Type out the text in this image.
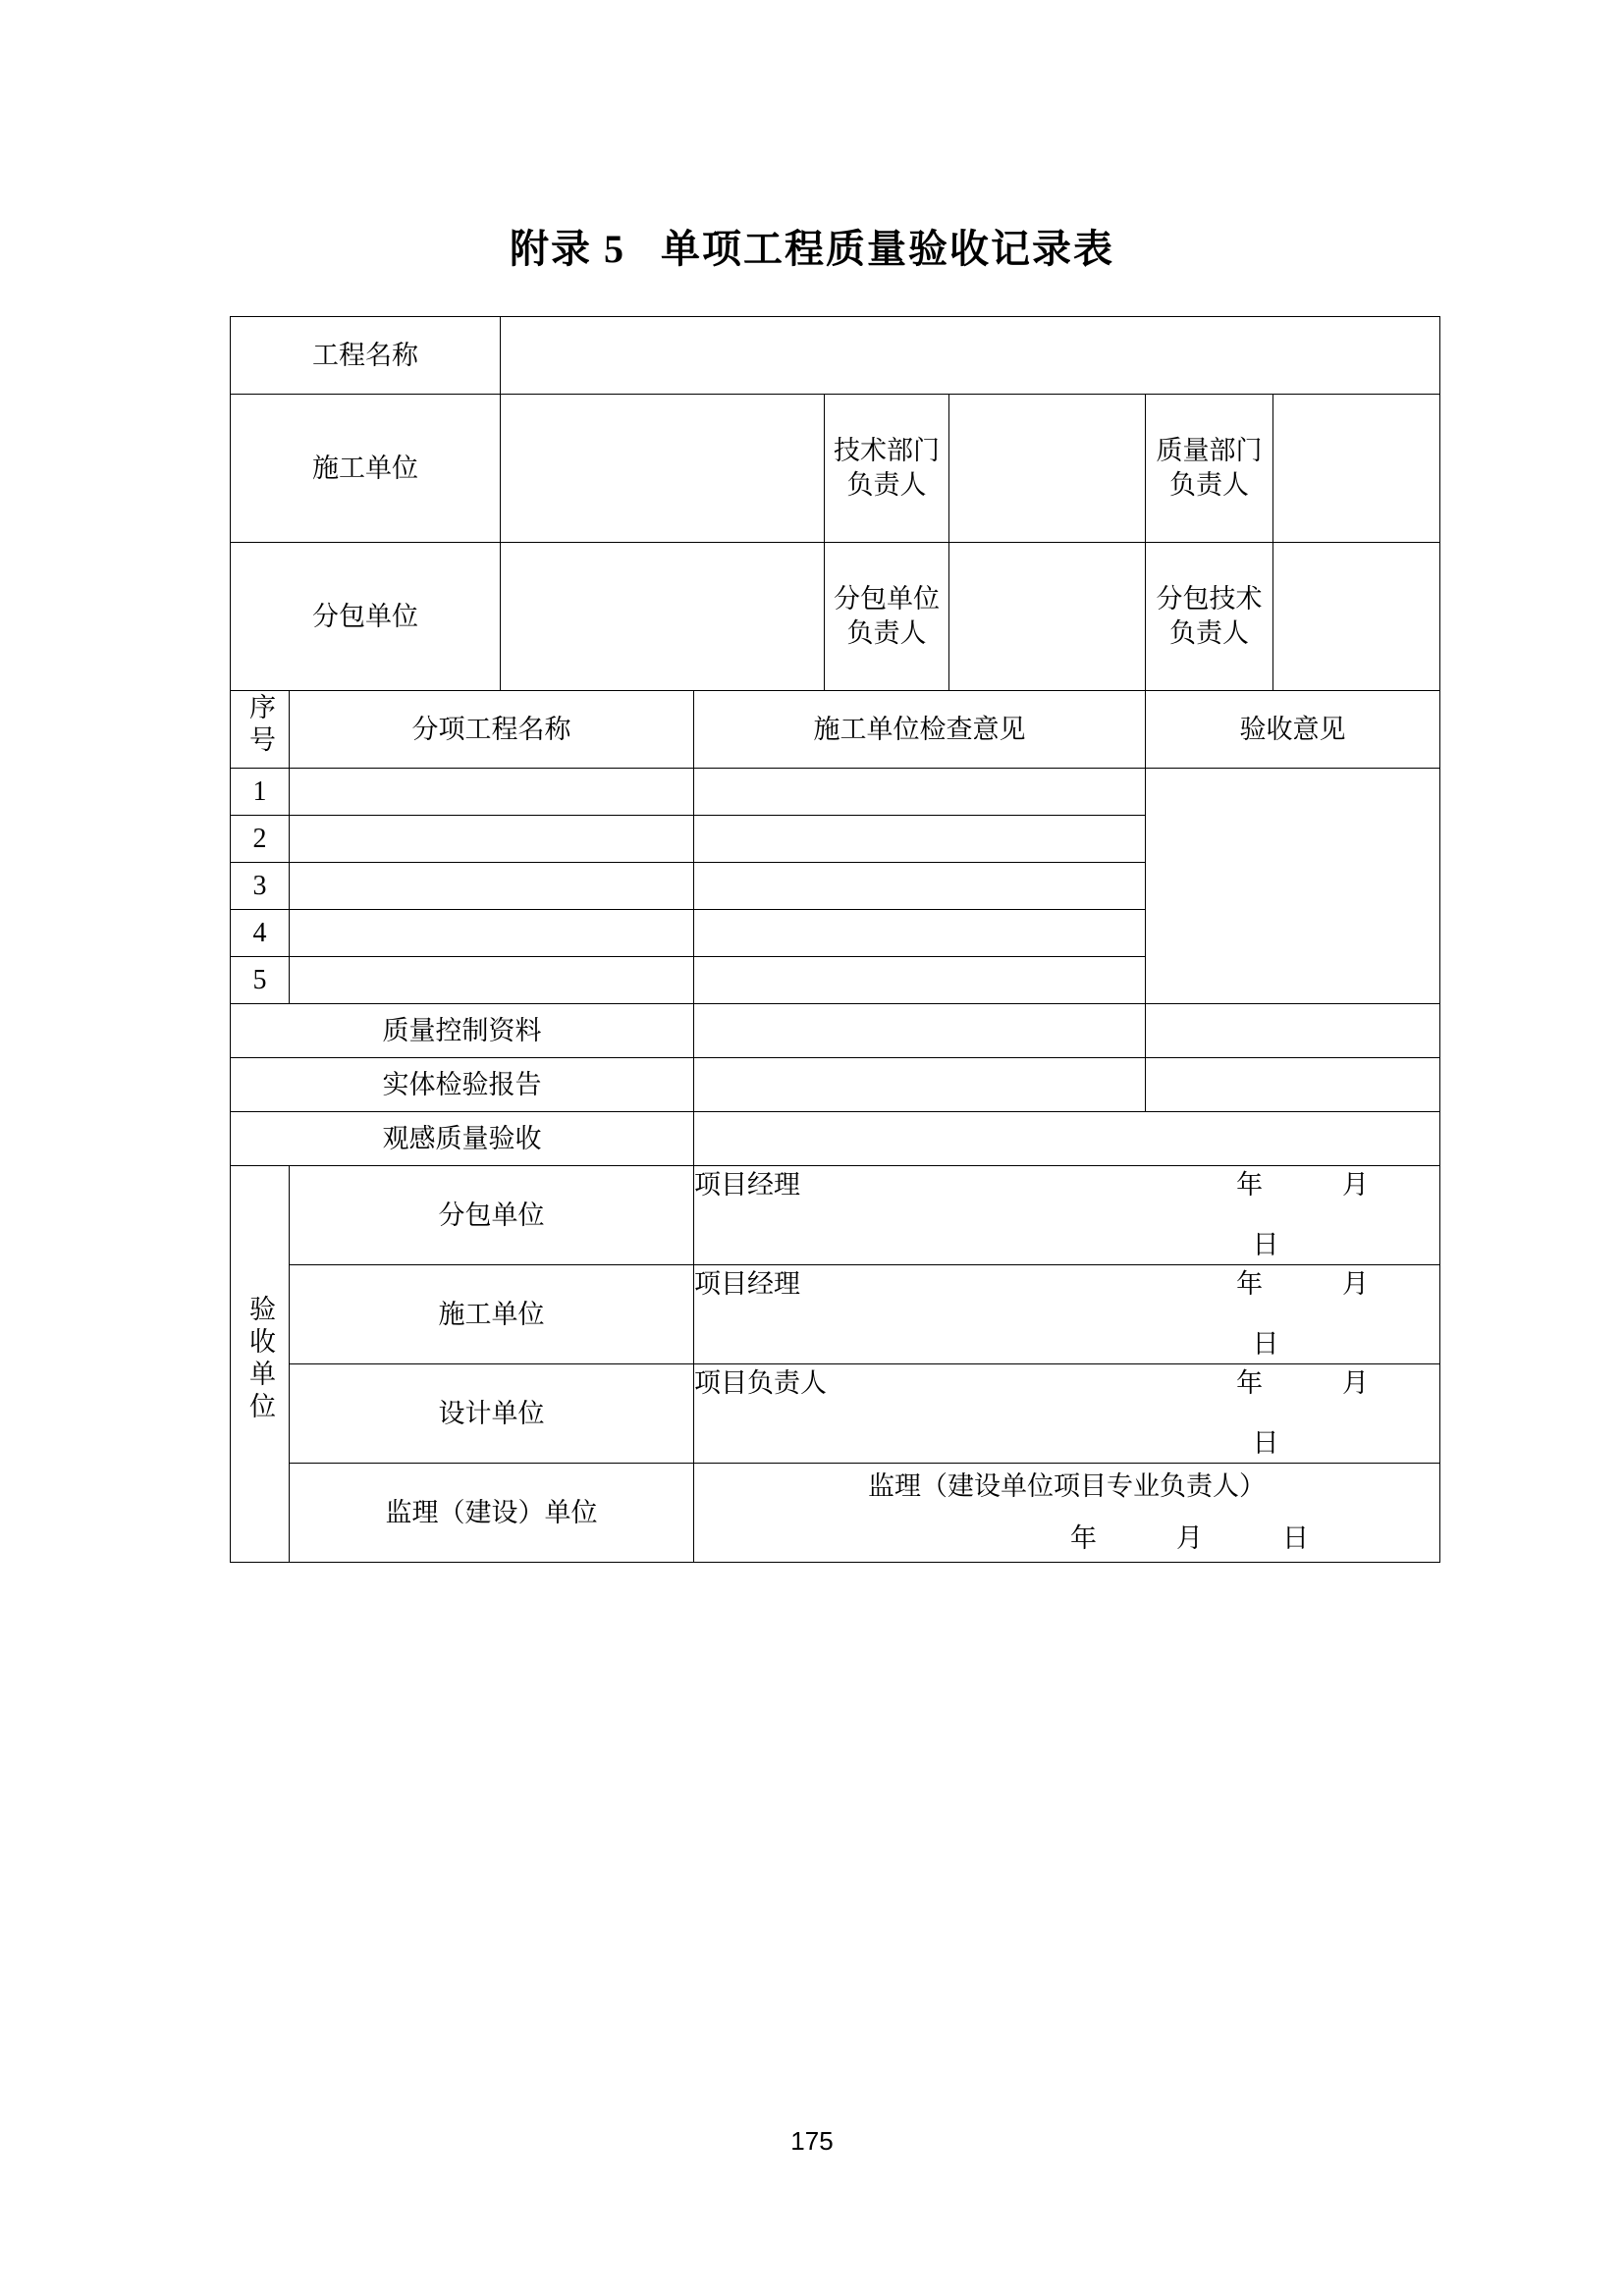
附录 5   单项工程质量验收记录表
工程名称							
施工单位				技术部门负责人		质量部门负责人	
分包单位				分包单位负责人		分包技术负责人	
序号	分项工程名称		施工单位检查意见			验收意见	
1							
2							
3							
4							
5							
质量控制资料							
实体检验报告							
观感质量验收							
验收单位	分包单位		项目经理 年　　　月
日				

	施工单位		项目经理 年　　　月
日				

	设计单位		项目负责人 年　　　月
日				

	监理（建设）单位		监理（建设单位项目专业负责人）
年　　　月　　　日				
175
